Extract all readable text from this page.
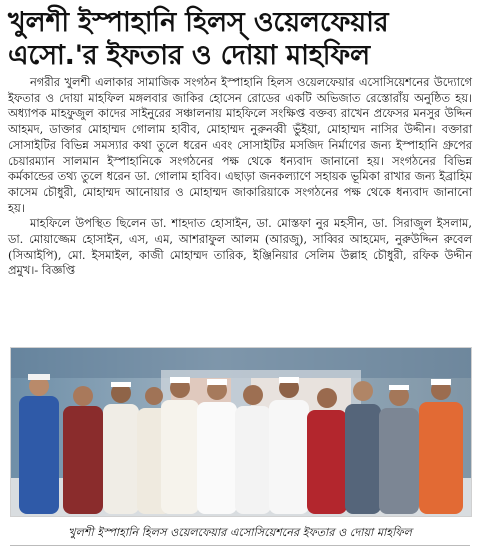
খুলশী ইস্পাহানি হিলস্ ওয়েলফেয়ার
এসো.'র ইফতার ও দোয়া মাহফিল

নগরীর খুলশী এলাকার সামাজিক সংগঠন ইস্পাহানি হিলস ওয়েলফেয়ার এসোসিয়েশনের উদ্যোগে ইফতার ও দোয়া মাহফিল মঙ্গলবার জাকির হোসেন রোডের একটি অভিজাত রেস্তোরাঁয় অনুষ্ঠিত হয়। অধ্যাপক মাহফুজুল কাদের সাইনুরের সঞ্চালনায় মাহফিলে সংক্ষিপ্ত বক্তব্য রাখেন প্রফেসর মনসুর উদ্দিন আহমদ, ডাক্তার মোহাম্মদ গোলাম হাবীব, মোহাম্মদ নুরুনব্বী ভুঁইয়া, মোহাম্মদ নাসির উদ্দীন। বক্তারা সোসাইটির বিভিন্ন সমস্যার কথা তুলে ধরেন এবং সোসাইটির মসজিদ নির্মাণের জন্য ইস্পাহানি গ্রুপের চেয়ারম্যান সালমান ইস্পাহানিকে সংগঠনের পক্ষ থেকে ধন্যবাদ জানানো হয়। সংগঠনের বিভিন্ন কর্মকান্ডের তথ্য তুলে ধরেন ডা. গোলাম হাবিব। এছাড়া জনকল্যাণে সহায়ক ভূমিকা রাখার জন্য ইব্রাহিম কাসেম চৌধুরী, মোহাম্মদ আনোয়ার ও মোহাম্মদ জাকারিয়াকে সংগঠনের পক্ষ থেকে ধন্যবাদ জানানো হয়।

মাহফিলে উপস্থিত ছিলেন ডা. শাহদাত হোসাইন, ডা. মোস্তফা নুর মহসীন, ডা. সিরাজুল ইসলাম, ডা. মোয়াজ্জেম হোসাইন, এস, এম, আশরাফুল আলম (আরজু), সাব্বির আহমেদ, নুরুউদ্দিন রুবেল (সিআইপি), মো. ইসমাইল, কাজী মোহাম্মদ তারিক, ইঞ্জিনিয়ার সেলিম উল্লাহ চৌধুরী, রফিক উদ্দীন প্রমুখ।- বিজ্ঞপ্তি

খুলশী ইস্পাহানি হিলস ওয়েলফেয়ার এসোসিয়েশনের ইফতার ও দোয়া মাহফিল
